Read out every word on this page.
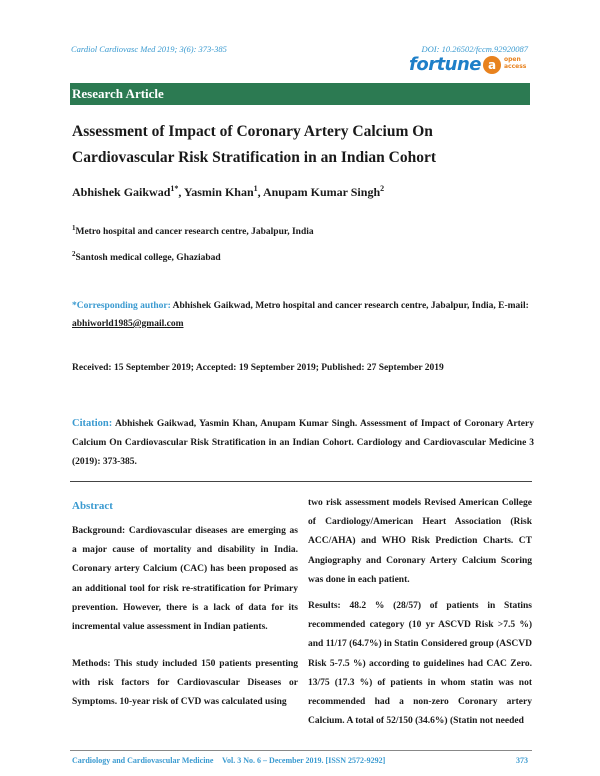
Cardiol Cardiovasc Med 2019; 3(6): 373-385	DOI: 10.26502/fccm.92920087
fortune a	open
access
Research Article
Assessment of Impact of Coronary Artery Calcium On Cardiovascular Risk Stratification in an Indian Cohort
Abhishek Gaikwad$^{1*}$, Yasmin Khan$^1$, Anupam Kumar Singh$^2$
$^1$Metro hospital and cancer research centre, Jabalpur, India
$^2$Santosh medical college, Ghaziabad
*Corresponding author: Abhishek Gaikwad, Metro hospital and cancer research centre, Jabalpur, India, E-mail:
abhiworld1985@gmail.com
Received: 15 September 2019; Accepted: 19 September 2019; Published: 27 September 2019
Citation: Abhishek Gaikwad, Yasmin Khan, Anupam Kumar Singh. Assessment of Impact of Coronary Artery Calcium On Cardiovascular Risk Stratification in an Indian Cohort. Cardiology and Cardiovascular Medicine 3 (2019): 373-385.
Abstract
Background: Cardiovascular diseases are emerging as a major cause of mortality and disability in India. Coronary artery Calcium (CAC) has been proposed as an additional tool for risk re-stratification for Primary prevention. However, there is a lack of data for its incremental value assessment in Indian patients.
Methods: This study included 150 patients presenting with risk factors for Cardiovascular Diseases or Symptoms. 10-year risk of CVD was calculated using
two risk assessment models Revised American College of Cardiology/American Heart Association (Risk ACC/AHA) and WHO Risk Prediction Charts. CT Angiography and Coronary Artery Calcium Scoring was done in each patient.
Results: 48.2 % (28/57) of patients in Statins recommended category (10 yr ASCVD Risk >7.5 %) and 11/17 (64.7%) in Statin Considered group (ASCVD Risk 5-7.5 %) according to guidelines had CAC Zero. 13/75 (17.3 %) of patients in whom statin was not recommended had a non-zero Coronary artery Calcium. A total of 52/150 (34.6%) (Statin not needed
Cardiology and Cardiovascular Medicine Vol. 3 No. 6 – December 2019. [ISSN 2572-9292]	373
